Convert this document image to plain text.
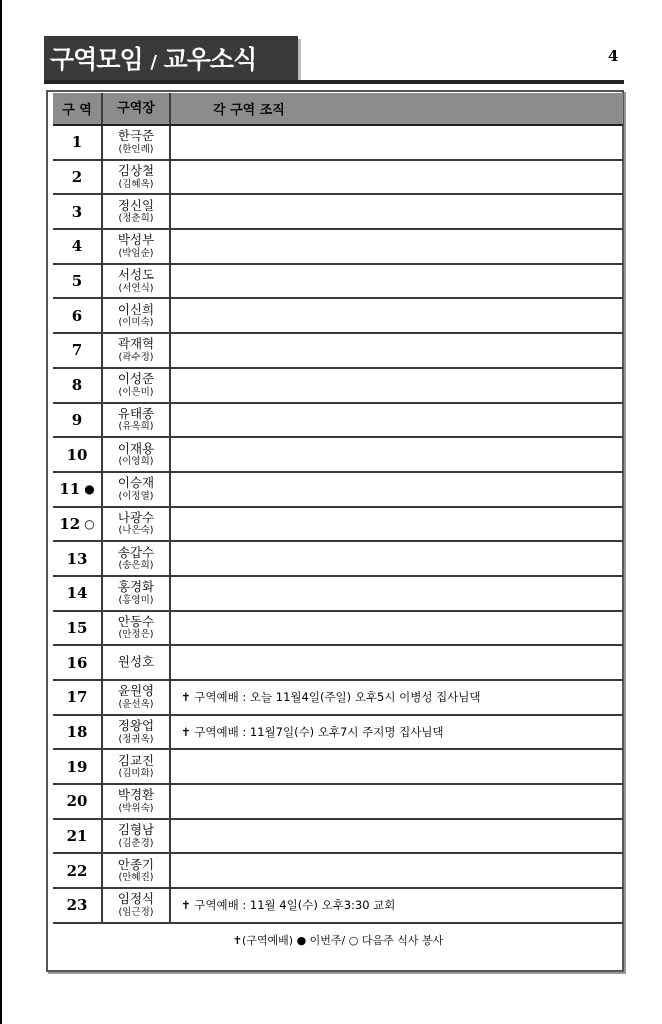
구역모임 / 교우소식	4
구 역	구역장	각 구역 조직
1	한극준
(한인례)
2	김상철
(김혜옥)
3	정신일
(정춘희)
4	박성부
(박임순)
5	서성도
(서연식)
6	이신희
(이미숙)
7	곽재혁
(곽수정)
8	이성준
(이은미)
9	유태종
(유옥희)
10 이재용
(이영희)
11 ● 이승재
(이정열)
12 ○ 나광수
(나은숙)
13 송갑수
(송은희)
14 홍경화
(홍영미)
15 안동수
(안정은)
16 원성호
17 윤원영
(윤선옥)	✝ 구역예배 : 오늘 11월4일(주일) 오후5시 이병성 집사님댁
18 정왕업
(정귀옥)	✝ 구역예배 : 11월7일(수) 오후7시 주지명 집사님댁
19 김교진
(김미화)
20 박경환
(박위숙)
21 김형남
(김춘경)
22 안종기
(안혜진)
23 임정식
(임근정)	✝ 구역예배 : 11월 4일(수) 오후3:30 교회
✝(구역예배) ● 이번주/ ○ 다음주 식사 봉사
